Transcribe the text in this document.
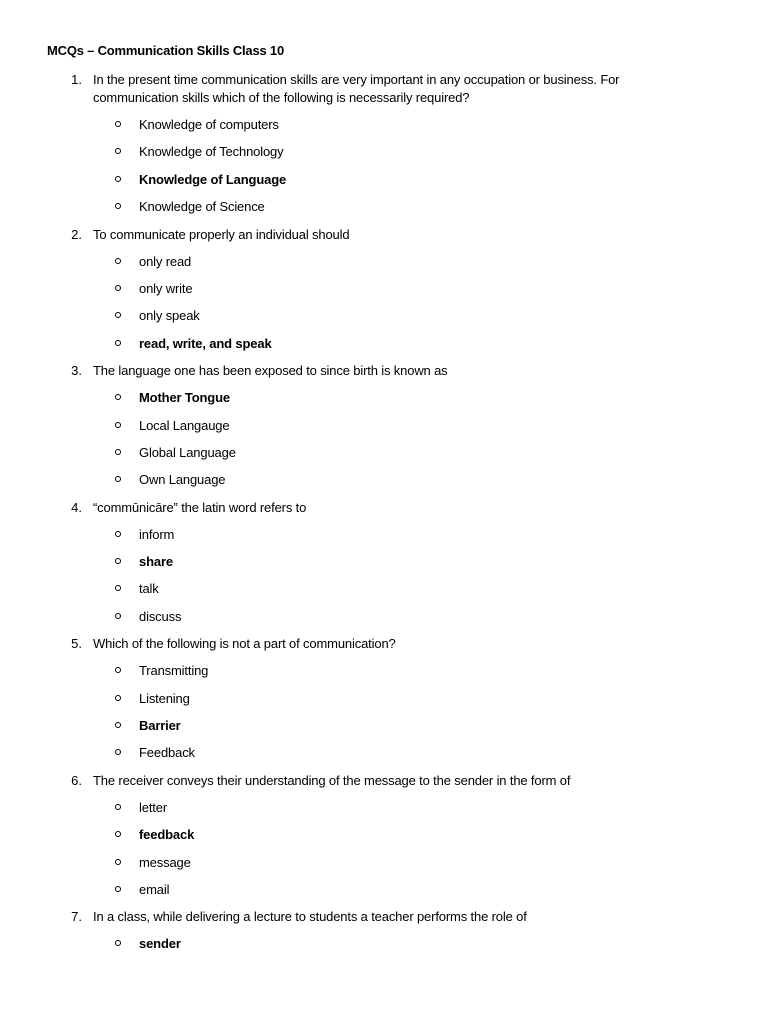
MCQs – Communication Skills Class 10
1. In the present time communication skills are very important in any occupation or business. For communication skills which of the following is necessarily required?
Knowledge of computers
Knowledge of Technology
Knowledge of Language
Knowledge of Science
2. To communicate properly an individual should
only read
only write
only speak
read, write, and speak
3. The language one has been exposed to since birth is known as
Mother Tongue
Local Langauge
Global Language
Own Language
4. “commūnicāre” the latin word refers to
inform
share
talk
discuss
5. Which of the following is not a part of communication?
Transmitting
Listening
Barrier
Feedback
6. The receiver conveys their understanding of the message to the sender in the form of
letter
feedback
message
email
7. In a class, while delivering a lecture to students a teacher performs the role of
sender
